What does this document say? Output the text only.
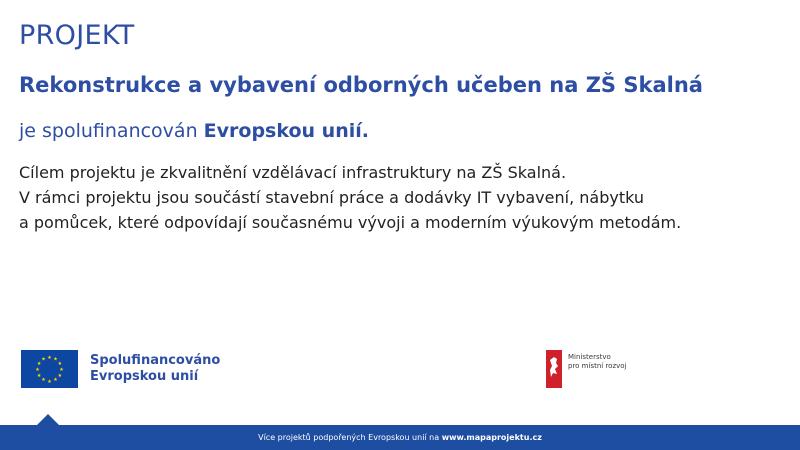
PROJEKT
Rekonstrukce a vybavení odborných učeben na ZŠ Skalná
je spolufinancován Evropskou unií.
Cílem projektu je zkvalitnění vzdělávací infrastruktury na ZŠ Skalná.
V rámci projektu jsou součástí stavební práce a dodávky IT vybavení, nábytku
a pomůcek, které odpovídají současnému vývoji a moderním výukovým metodám.
★
★
★
★
★
★
★
★
★ ★ ★
★ Spolufinancováno
Evropskou unií
Ministerstvo
pro místní rozvoj
Více projektů podpořených Evropskou unií na www.mapaprojektu.cz
